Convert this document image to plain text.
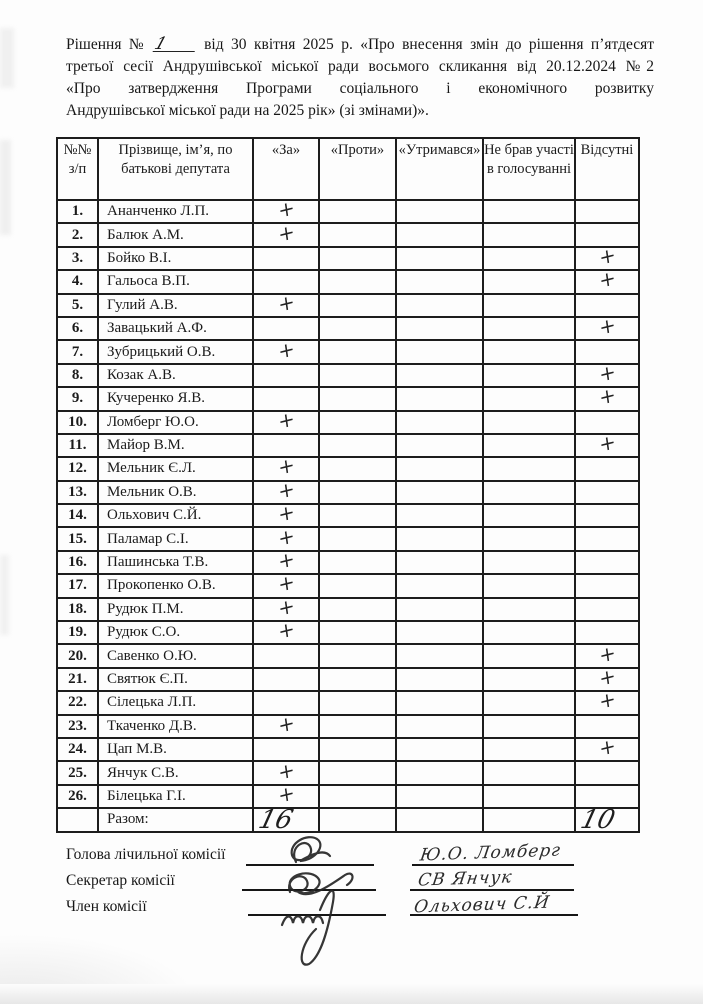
Рішення № 1 від 30 квітня 2025 р. «Про внесення змін до рішення п’ятдесят
третьої сесії Андрушівської міської ради восьмого скликання від 20.12.2024 №2
«Про затвердження Програми соціального і економічного розвитку
Андрушівської міської ради на 2025 рік» (зі змінами)».
№№ з/п	Прізвище, ім’я, по батькові депутата	«За»	«Проти»	«Утримався»	Не брав участі в голосуванні	Відсутні
1.	Ананченко Л.П.	+				
2.	Балюк А.М.	+				
3.	Бойко В.І.					+
4.	Гальоса В.П.					+
5.	Гулий А.В.	+				
6.	Завацький А.Ф.					+
7.	Зубрицький О.В.	+				
8.	Козак А.В.					+
9.	Кучеренко Я.В.					+
10.	Ломберг Ю.О.	+				
11.	Майор В.М.					+
12.	Мельник Є.Л.	+				
13.	Мельник О.В.	+				
14.	Ольхович С.Й.	+				
15.	Паламар С.І.	+				
16.	Пашинська Т.В.	+				
17.	Прокопенко О.В.	+				
18.	Рудюк П.М.	+				
19.	Рудюк С.О.	+				
20.	Савенко О.Ю.					+
21.	Святюк Є.П.					+
22.	Сілецька Л.П.					+
23.	Ткаченко Д.В.	+				
24.	Цап М.В.					+
25.	Янчук С.В.	+				
26.	Білецька Г.І.	+				
	Разом:	16				10
Голова лічильної комісії
Секретар комісії
Член комісії
Ю.О. Ломберг
СВ Янчук
Ольхович С.Й
